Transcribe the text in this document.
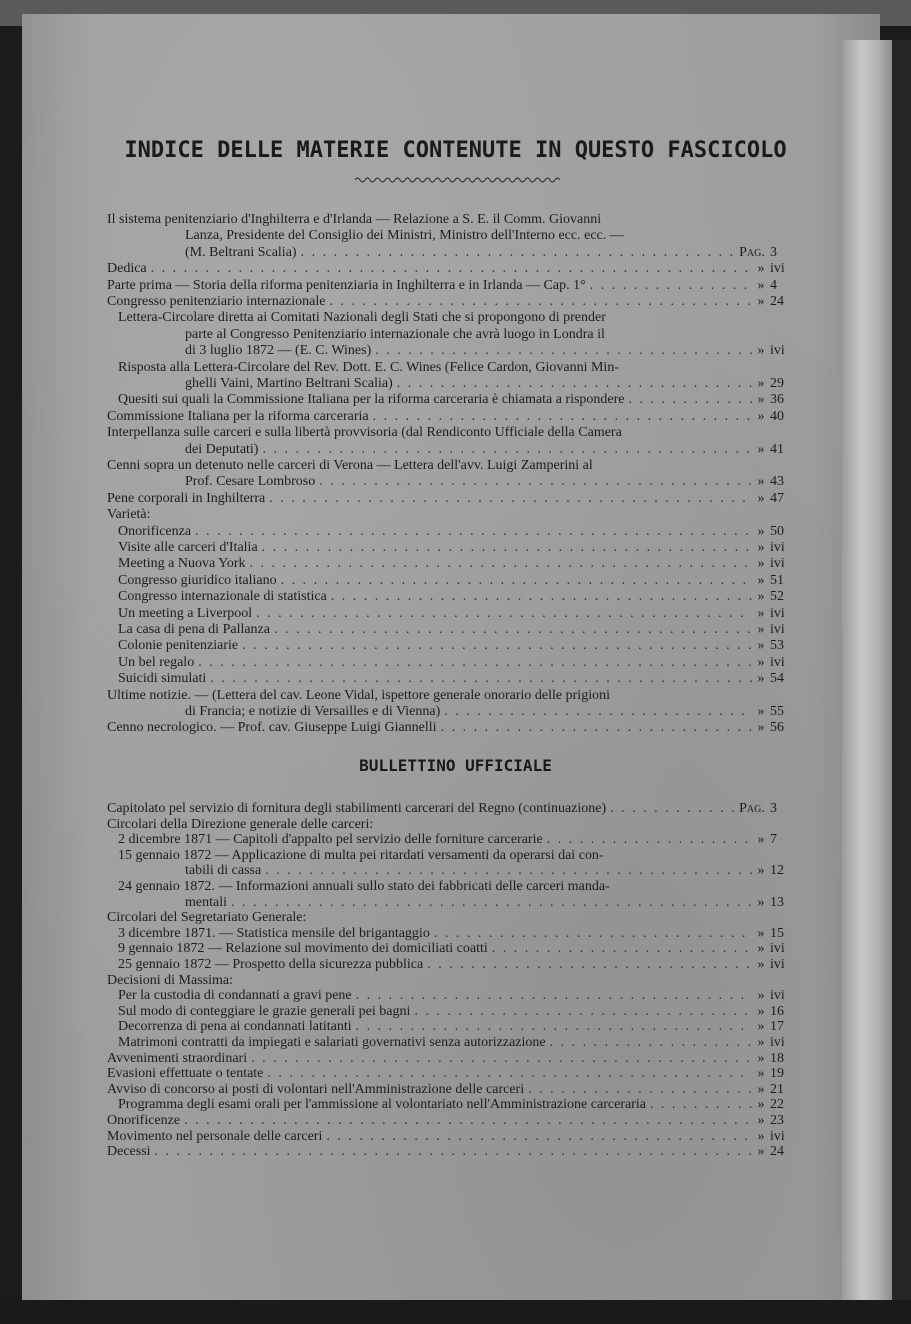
INDICE DELLE MATERIE CONTENUTE IN QUESTO FASCICOLO
Il sistema penitenziario d'Inghilterra e d'Irlanda — Relazione a S. E. il Comm. Giovanni
Lanza, Presidente del Consiglio dei Ministri, Ministro dell'Interno ecc. ecc. —
(M. Beltrani Scalia) . . .	Pag. 3
Dedica . . .	» ivi
Parte prima — Storia della riforma penitenziaria in Inghilterra e in Irlanda — Cap. 1° . . .	» 4
Congresso penitenziario internazionale . . .	» 24
Lettera-Circolare diretta ai Comitati Nazionali degli Stati che si propongono di prender
parte al Congresso Penitenziario internazionale che avrà luogo in Londra il
di 3 luglio 1872 — (E. C. Wines) . . .	» ivi
Risposta alla Lettera-Circolare del Rev. Dott. E. C. Wines (Felice Cardon, Giovanni Min-
ghelli Vaini, Martino Beltrani Scalia) . . .	» 29
Quesiti sui quali la Commissione Italiana per la riforma carceraria è chiamata a rispondere . . .	» 36
Commissione Italiana per la riforma carceraria . . .	» 40
Interpellanza sulle carceri e sulla libertà provvisoria (dal Rendiconto Ufficiale della Camera
dei Deputati) . . .	» 41
Cenni sopra un detenuto nelle carceri di Verona — Lettera dell'avv. Luigi Zamperini al
Prof. Cesare Lombroso . . .	» 43
Pene corporali in Inghilterra . . .	» 47
Varietà:
Onorificenza . . .	» 50
Visite alle carceri d'Italia . . .	» ivi
Meeting a Nuova York . . .	» ivi
Congresso giuridico italiano . . .	» 51
Congresso internazionale di statistica . . .	» 52
Un meeting a Liverpool . . .	» ivi
La casa di pena di Pallanza . . .	» ivi
Colonie penitenziarie . . .	» 53
Un bel regalo . . .	» ivi
Suicidi simulati . . .	» 54
Ultime notizie. — (Lettera del cav. Leone Vidal, ispettore generale onorario delle prigioni
di Francia; e notizie di Versailles e di Vienna) . . .	» 55
Cenno necrologico. — Prof. cav. Giuseppe Luigi Giannelli . . .	» 56
BULLETTINO UFFICIALE
Capitolato pel servizio di fornitura degli stabilimenti carcerari del Regno (continuazione) . . .	Pag. 3
Circolari della Direzione generale delle carceri:
2 dicembre 1871 — Capitoli d'appalto pel servizio delle forniture carcerarie . . .	» 7
15 gennaio 1872 — Applicazione di multa pei ritardati versamenti da operarsi dai con-
tabili di cassa . . .	» 12
24 gennaio 1872. — Informazioni annuali sullo stato dei fabbricati delle carceri manda-
mentali . . .	» 13
Circolari del Segretariato Generale:
3 dicembre 1871. — Statistica mensile del brigantaggio . . .	» 15
9 gennaio 1872 — Relazione sul movimento dei domiciliati coatti . . .	» ivi
25 gennaio 1872 — Prospetto della sicurezza pubblica . . .	» ivi
Decisioni di Massima:
Per la custodia di condannati a gravi pene . . .	» ivi
Sul modo di conteggiare le grazie generali pei bagni . . .	» 16
Decorrenza di pena ai condannati latitanti . . .	» 17
Matrimoni contratti da impiegati e salariati governativi senza autorizzazione . . .	» ivi
Avvenimenti straordinari . . .	» 18
Evasioni effettuate o tentate . . .	» 19
Avviso di concorso ai posti di volontari nell'Amministrazione delle carceri . . .	» 21
Programma degli esami orali per l'ammissione al volontariato nell'Amministrazione carceraria . . .	» 22
Onorificenze . . .	» 23
Movimento nel personale delle carceri . . .	» ivi
Decessi . . .	» 24
